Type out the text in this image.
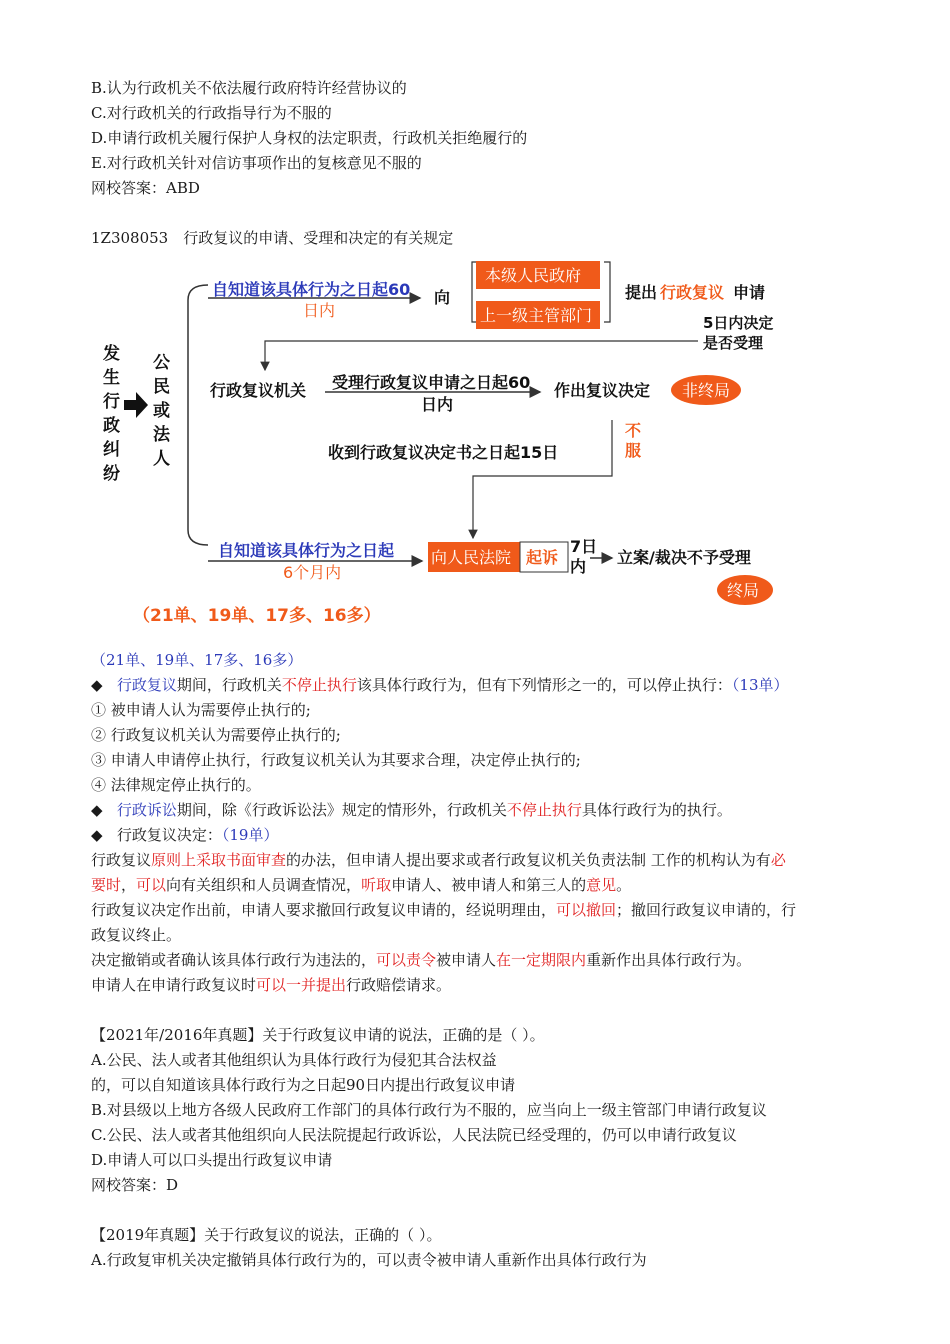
B.认为行政机关不依法履行政府特许经营协议的
C.对行政机关的行政指导行为不服的
D.申请行政机关履行保护人身权的法定职责，行政机关拒绝履行的
E.对行政机关针对信访事项作出的复核意见不服的
网校答案：ABD
1Z308053　行政复议的申请、受理和决定的有关规定
发
生
行
政
纠
纷
公
民
或
法
人
自知道该具体行为之日起60
日内
向
本级人民政府
上一级主管部门
提出 行政复议 申请
5日内决定
是否受理
行政复议机关 受理行政复议申请之日起60
日内
作出复议决定 非终局
不
服
收到行政复议决定书之日起15日
自知道该具体行为之日起
6个月内
向人民法院 起诉
7日
内 立案/裁决不予受理
终局
（21单、19单、17多、16多）
（21单、19单、17多、16多）
◆ 行政复议期间，行政机关不停止执行该具体行政行为，但有下列情形之一的，可以停止执行：（13单）
① 被申请人认为需要停止执行的;
② 行政复议机关认为需要停止执行的;
③ 申请人申请停止执行，行政复议机关认为其要求合理，决定停止执行的;
④ 法律规定停止执行的。
◆ 行政诉讼期间，除《行政诉讼法》规定的情形外，行政机关不停止执行具体行政行为的执行。
◆ 行政复议决定：（19单）
行政复议原则上采取书面审查的办法，但申请人提出要求或者行政复议机关负责法制 工作的机构认为有必
要时，可以向有关组织和人员调查情况，听取申请人、被申请人和第三人的意见。
行政复议决定作出前，申请人要求撤回行政复议申请的，经说明理由，可以撤回；撤回行政复议申请的，行
政复议终止。
决定撤销或者确认该具体行政行为违法的，可以责令被申请人在一定期限内重新作出具体行政行为。
申请人在申请行政复议时可以一并提出行政赔偿请求。
【2021年/2016年真题】关于行政复议申请的说法，正确的是（ ）。
A.公民、法人或者其他组织认为具体行政行为侵犯其合法权益
的，可以自知道该具体行政行为之日起90日内提出行政复议申请
B.对县级以上地方各级人民政府工作部门的具体行政行为不服的，应当向上一级主管部门申请行政复议
C.公民、法人或者其他组织向人民法院提起行政诉讼，人民法院已经受理的，仍可以申请行政复议
D.申请人可以口头提出行政复议申请
网校答案：D
【2019年真题】关于行政复议的说法，正确的（ ）。
A.行政复审机关决定撤销具体行政行为的，可以责令被申请人重新作出具体行政行为
